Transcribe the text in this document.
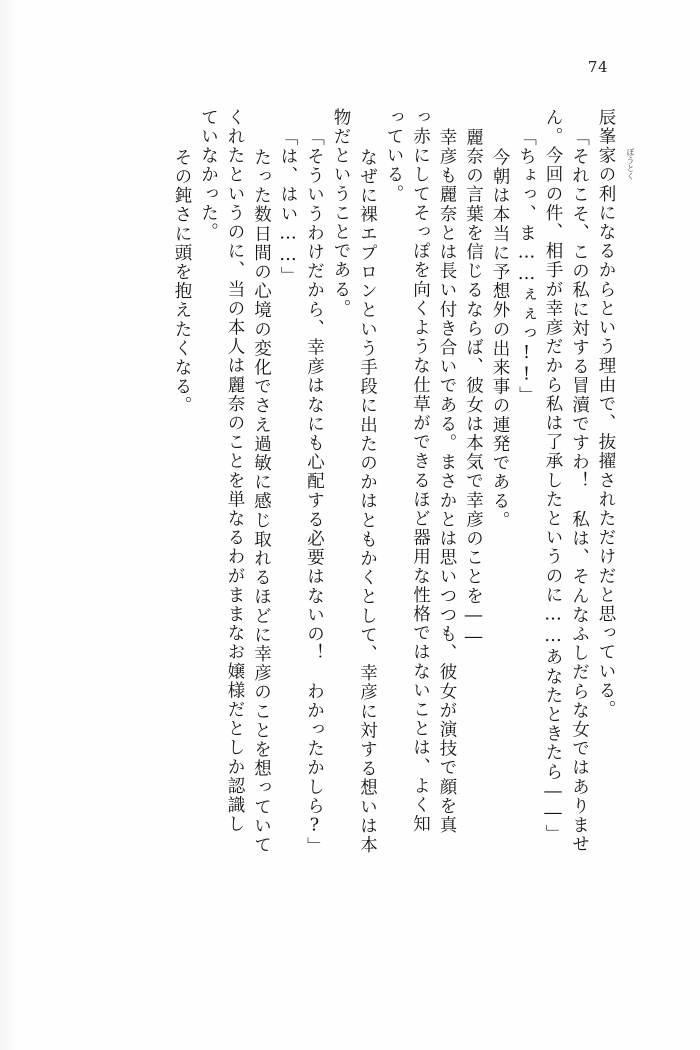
74
辰峯家の利になるからという理由で、抜擢されただけだと思っている。
「それこそ、この私に対する冒瀆ですわ！　私は、そんなふしだらな女ではありませ
ん。今回の件、相手が幸彦だから私は了承したというのに……あなたときたら――」
「ちょっ、ま……ぇぇっ!!」
今朝は本当に予想外の出来事の連発である。
麗奈の言葉を信じるならば、彼女は本気で幸彦のことを――
幸彦も麗奈とは長い付き合いである。まさかとは思いつつも、彼女が演技で顔を真
っ赤にしてそっぽを向くような仕草ができるほど器用な性格ではないことは、よく知
っている。
なぜに裸エプロンという手段に出たのかはともかくとして、幸彦に対する想いは本
物だということである。
「そういうわけだから、幸彦はなにも心配する必要はないの！　わかったかしら?」
「は、はい……」
たった数日間の心境の変化でさえ過敏に感じ取れるほどに幸彦のことを想っていて
くれたというのに、当の本人は麗奈のことを単なるわがままなお嬢様だとしか認識し
ていなかった。
その鈍さに頭を抱えたくなる。	ぼうとく
